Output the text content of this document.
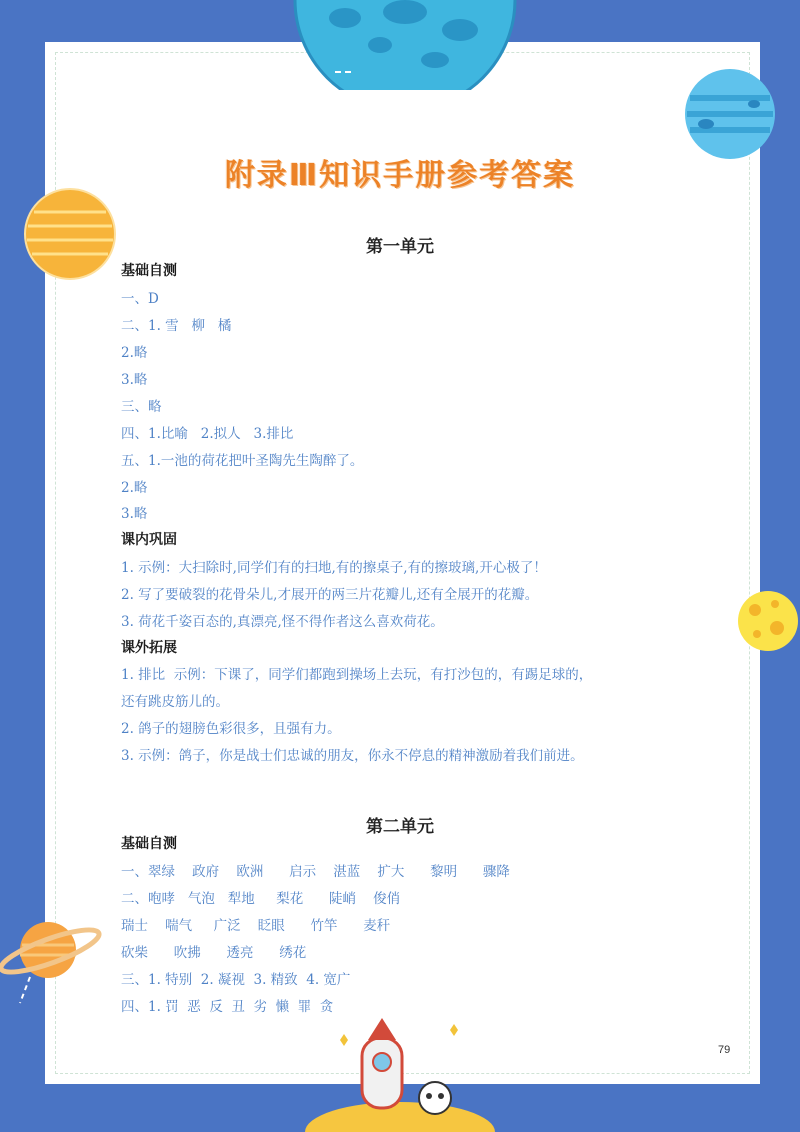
附录Ⅲ知识手册参考答案
第一单元
基础自测
一、D
二、1. 雪   柳   橘
2.略
3.略
三、略
四、1.比喻   2.拟人   3.排比
五、1.一池的荷花把叶圣陶先生陶醉了。
2.略
3.略
课内巩固
1. 示例：大扫除时,同学们有的扫地,有的擦桌子,有的擦玻璃,开心极了！
2. 写了要破裂的花骨朵儿,才展开的两三片花瓣儿,还有全展开的花瓣。
3. 荷花千姿百态的,真漂亮,怪不得作者这么喜欢荷花。
课外拓展
1. 排比  示例：下课了，同学们都跑到操场上去玩，有打沙包的，有踢足球的，
还有跳皮筋儿的。
2. 鸽子的翅膀色彩很多，且强有力。
3. 示例：鸽子，你是战士们忠诚的朋友，你永不停息的精神激励着我们前进。
第二单元
基础自测
一、翠绿    政府    欧洲      启示    湛蓝    扩大      黎明      骤降
二、咆哮   气泡   犁地     梨花      陡峭    俊俏
瑞士    喘气     广泛    眨眼      竹竿      麦秆
砍柴      吹拂      透亮      绣花
三、1. 特别  2. 凝视  3. 精致  4. 宽广
四、1. 罚  恶  反  丑  劣  懒  罪  贪
79
